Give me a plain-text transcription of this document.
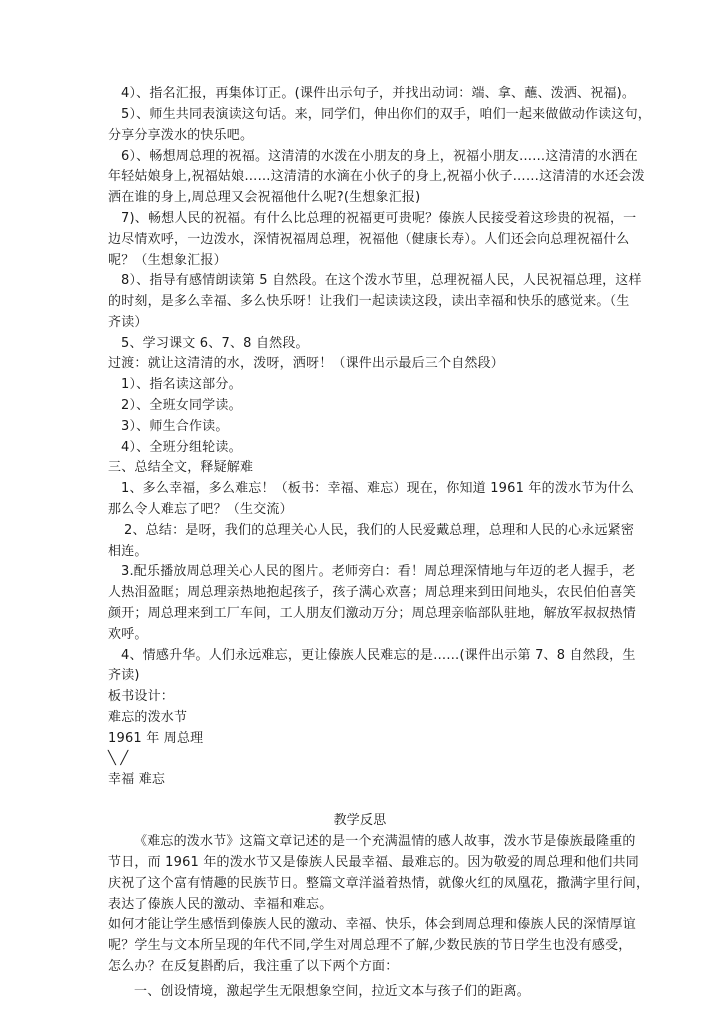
4）、指名汇报，再集体订正。(课件出示句子，并找出动词：端、拿、蘸、泼洒、祝福)。
5）、师生共同表演读这句话。来，同学们，伸出你们的双手，咱们一起来做做动作读这句，
分享分享泼水的快乐吧。
6）、畅想周总理的祝福。这清清的水泼在小朋友的身上，祝福小朋友……这清清的水洒在
年轻姑娘身上,祝福姑娘……这清清的水滴在小伙子的身上,祝福小伙子……这清清的水还会泼
洒在谁的身上,周总理又会祝福他什么呢?(生想象汇报)
7)、畅想人民的祝福。有什么比总理的祝福更可贵呢？傣族人民接受着这珍贵的祝福，一
边尽情欢呼，一边泼水，深情祝福周总理，祝福他（健康长寿）。人们还会向总理祝福什么
呢？（生想象汇报）
8）、指导有感情朗读第 5 自然段。在这个泼水节里，总理祝福人民，人民祝福总理，这样
的时刻，是多么幸福、多么快乐呀！让我们一起读读这段，读出幸福和快乐的感觉来。（生
齐读）
5、学习课文 6、7、8 自然段。
过渡：就让这清清的水，泼呀，洒呀！（课件出示最后三个自然段）
1）、指名读这部分。
2）、全班女同学读。
3）、师生合作读。
4）、全班分组轮读。
三、总结全文，释疑解难
1、多么幸福，多么难忘！（板书：幸福、难忘）现在，你知道 1961 年的泼水节为什么
那么令人难忘了吧？（生交流）
2、总结：是呀，我们的总理关心人民，我们的人民爱戴总理，总理和人民的心永远紧密
相连。
3.配乐播放周总理关心人民的图片。老师旁白：看！周总理深情地与年迈的老人握手，老
人热泪盈眶；周总理亲热地抱起孩子，孩子满心欢喜；周总理来到田间地头，农民伯伯喜笑
颜开；周总理来到工厂车间，工人朋友们激动万分；周总理亲临部队驻地，解放军叔叔热情
欢呼。
4、情感升华。人们永远难忘，更让傣族人民难忘的是……(课件出示第 7、8 自然段，生
齐读)
板书设计：
难忘的泼水节
1961 年 周总理
╲ ╱
幸福 难忘
教学反思
《难忘的泼水节》这篇文章记述的是一个充满温情的感人故事，泼水节是傣族最隆重的
节日，而 1961 年的泼水节又是傣族人民最幸福、最难忘的。因为敬爱的周总理和他们共同
庆祝了这个富有情趣的民族节日。整篇文章洋溢着热情，就像火红的凤凰花，撒满字里行间，
表达了傣族人民的激动、幸福和难忘。
如何才能让学生感悟到傣族人民的激动、幸福、快乐，体会到周总理和傣族人民的深情厚谊
呢？学生与文本所呈现的年代不同,学生对周总理不了解,少数民族的节日学生也没有感受，
怎么办？在反复斟酌后，我注重了以下两个方面：
一、创设情境，激起学生无限想象空间，拉近文本与孩子们的距离。
